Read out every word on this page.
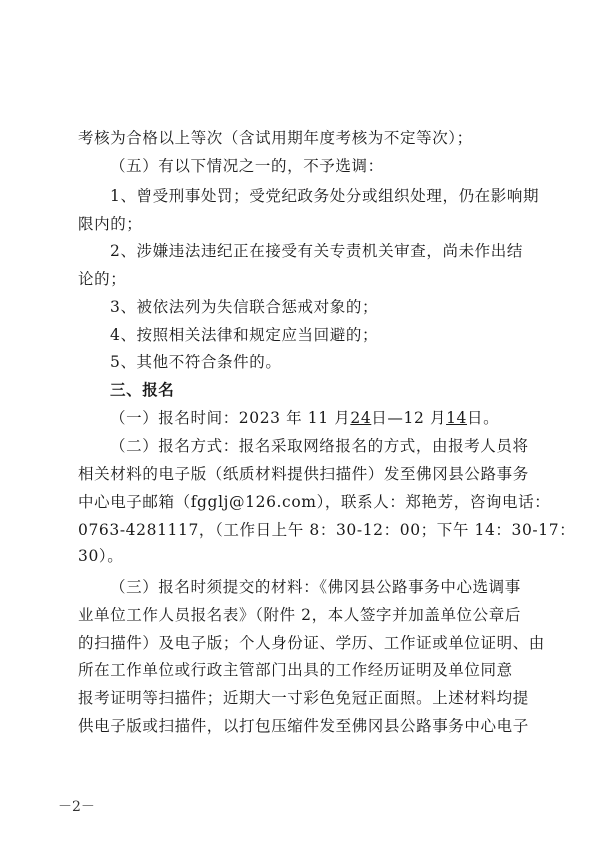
考核为合格以上等次（含试用期年度考核为不定等次）；
（五）有以下情况之一的，不予选调：
1、曾受刑事处罚；受党纪政务处分或组织处理，仍在影响期
限内的；
2、涉嫌违法违纪正在接受有关专责机关审查，尚未作出结
论的；
3、被依法列为失信联合惩戒对象的；
4、按照相关法律和规定应当回避的；
5、其他不符合条件的。
三、报名
（一）报名时间：2023 年 11 月24日—12 月14日。
（二）报名方式：报名采取网络报名的方式，由报考人员将
相关材料的电子版（纸质材料提供扫描件）发至佛冈县公路事务
中心电子邮箱（fgglj@126.com），联系人：郑艳芳，咨询电话：
0763-4281117，（工作日上午 8：30-12：00；下午 14：30-17：
30）。
（三）报名时须提交的材料：《佛冈县公路事务中心选调事
业单位工作人员报名表》（附件 2，本人签字并加盖单位公章后
的扫描件）及电子版；个人身份证、学历、工作证或单位证明、由
所在工作单位或行政主管部门出具的工作经历证明及单位同意
报考证明等扫描件；近期大一寸彩色免冠正面照。上述材料均提
供电子版或扫描件，以打包压缩件发至佛冈县公路事务中心电子
－2－
